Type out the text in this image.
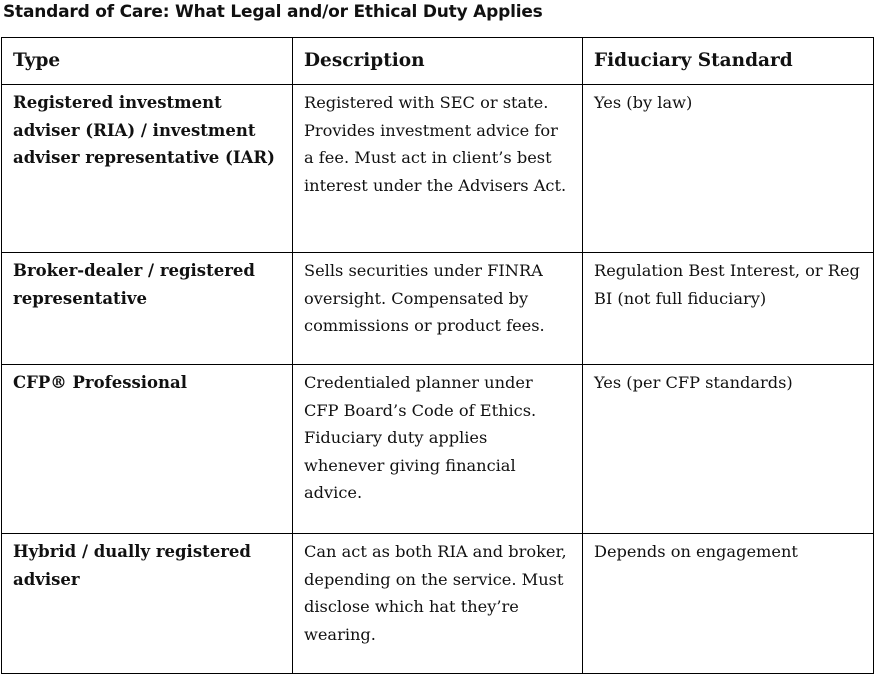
Standard of Care: What Legal and/or Ethical Duty Applies
Type	Description	Fiduciary Standard
Registered investment adviser (RIA) / investment adviser representative (IAR)	Registered with SEC or state. Provides investment advice for a fee. Must act in client’s best interest under the Advisers Act.	Yes (by law)
Broker-dealer / registered representative	Sells securities under FINRA oversight. Compensated by commissions or product fees.	Regulation Best Interest, or Reg BI (not full fiduciary)
CFP® Professional	Credentialed planner under CFP Board’s Code of Ethics. Fiduciary duty applies whenever giving financial advice.	Yes (per CFP standards)
Hybrid / dually registered adviser	Can act as both RIA and broker, depending on the service. Must disclose which hat they’re wearing.	Depends on engagement
